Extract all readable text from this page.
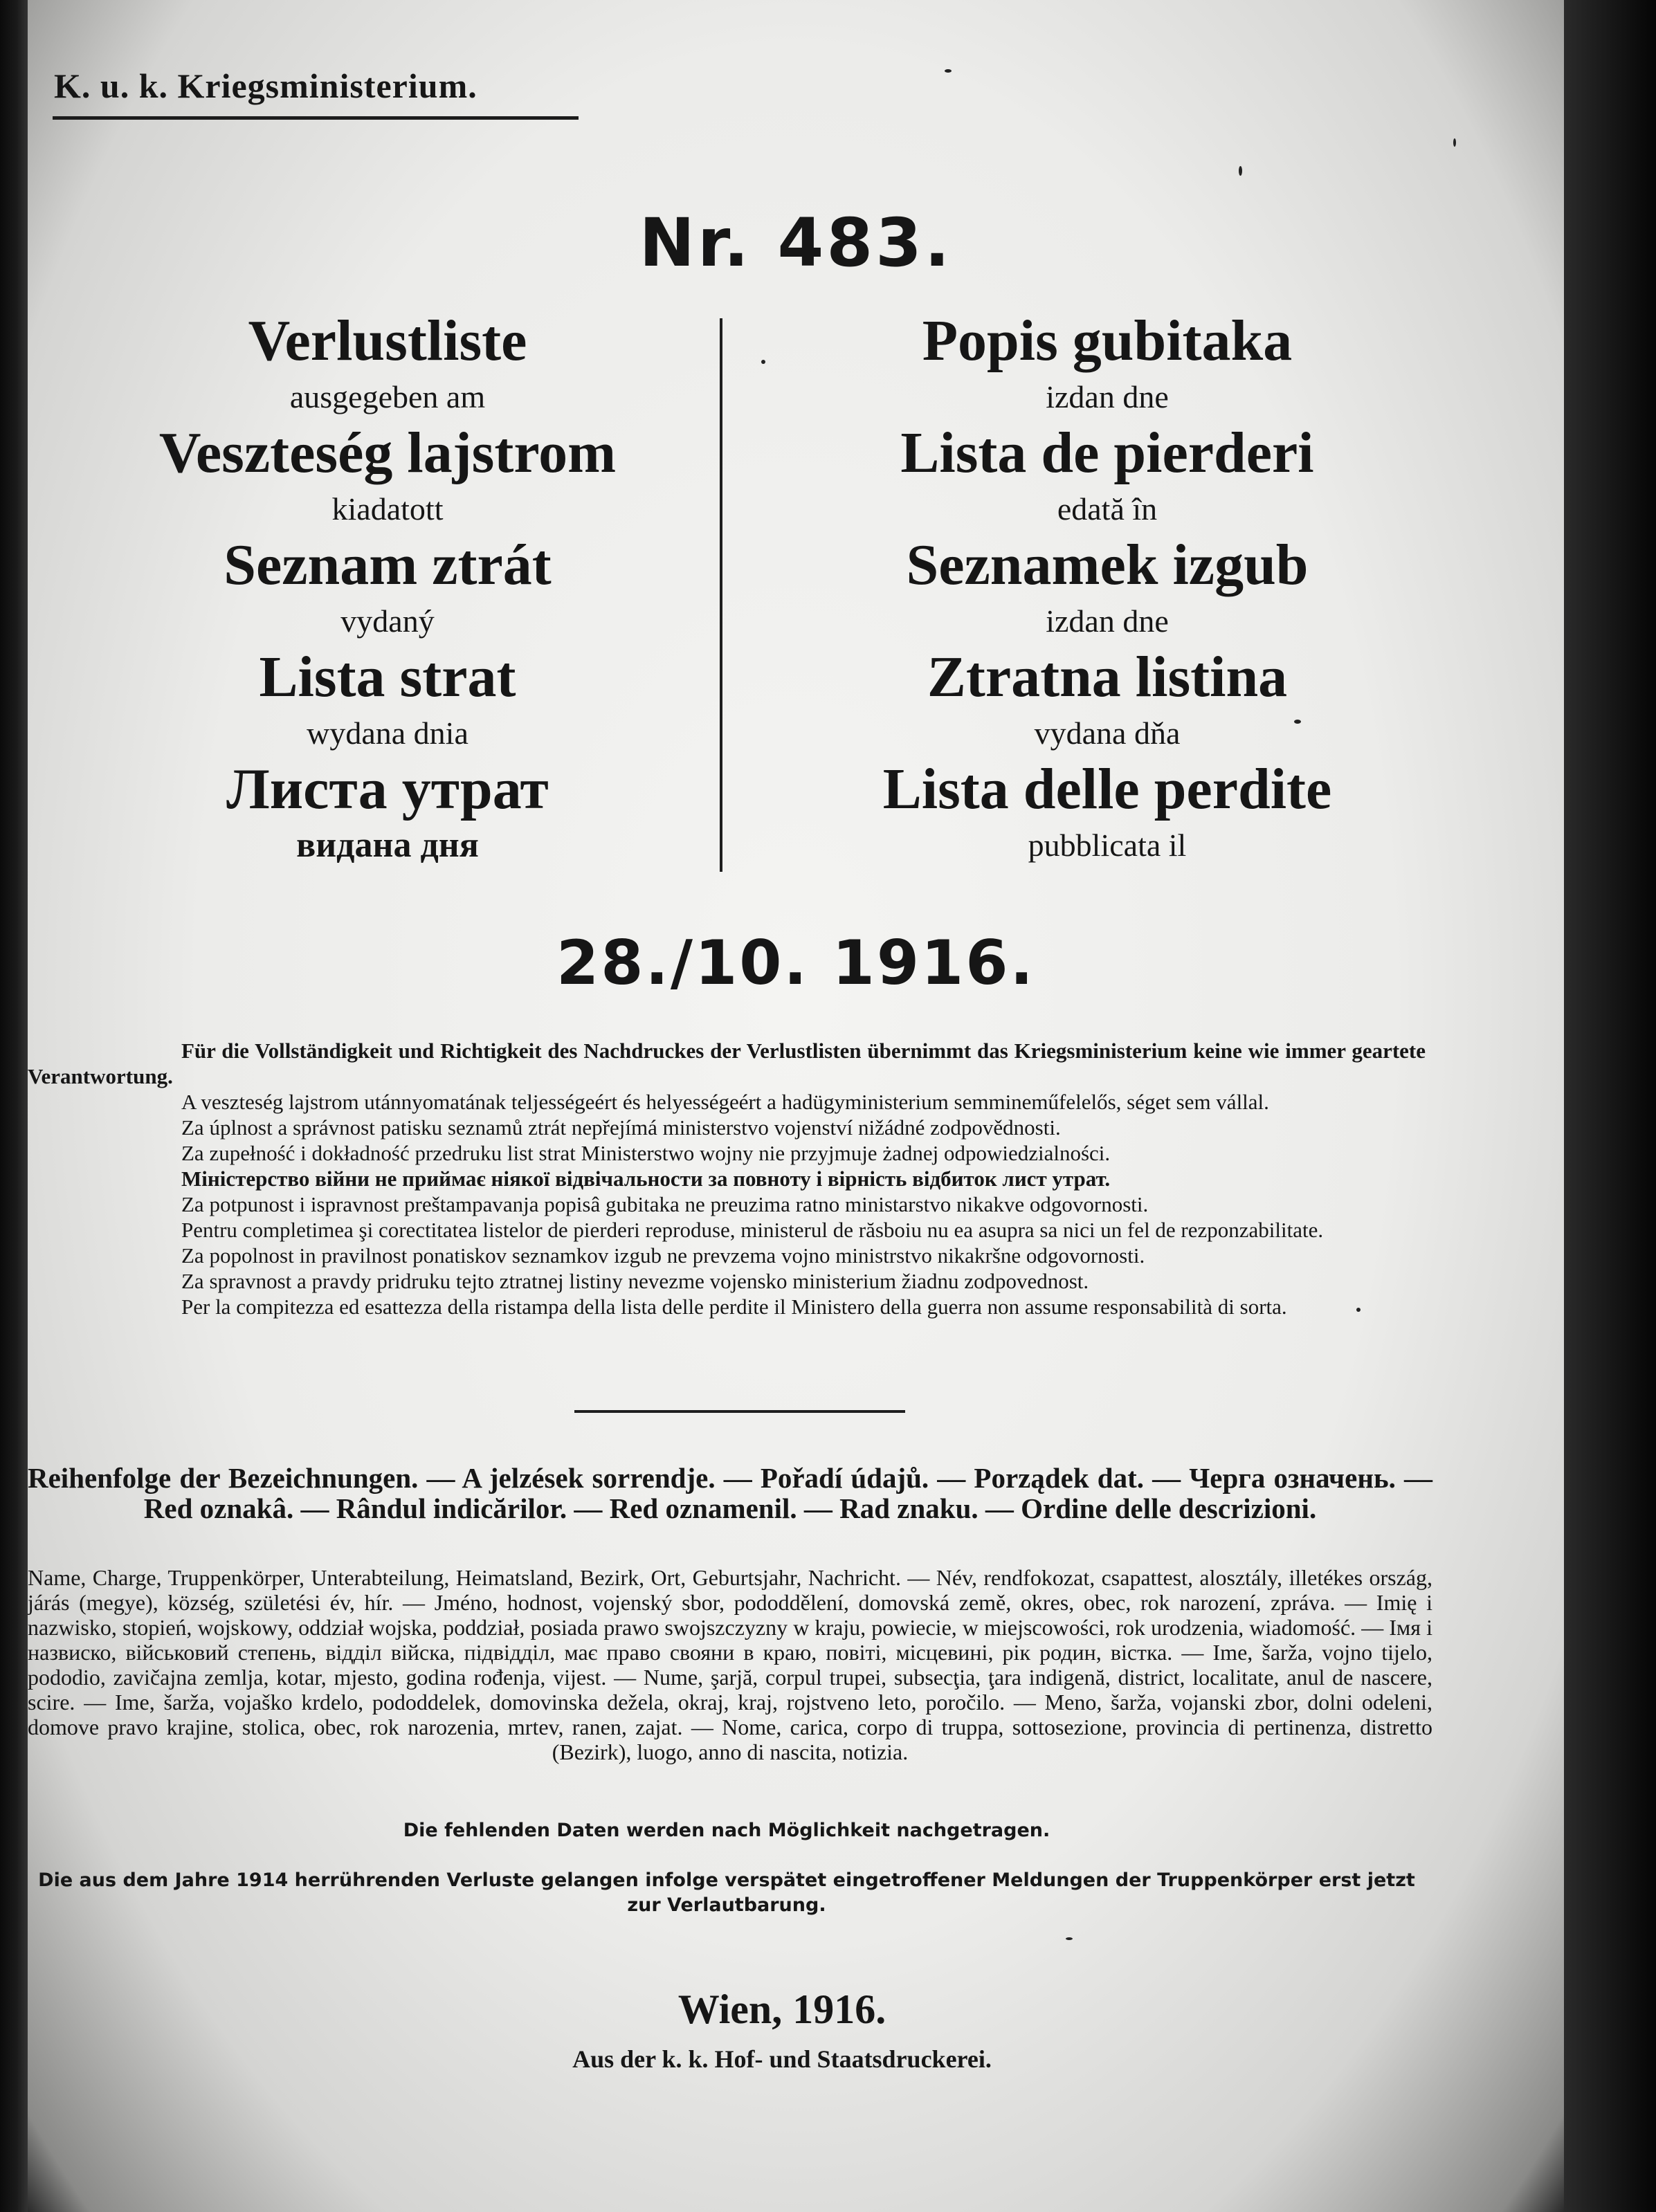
K. u. k. Kriegsministerium.
Nr. 483.
Verlustliste
ausgegeben am
Veszteség lajstrom
kiadatott
Seznam ztrát
vydaný
Lista strat
wydana dnia
Листа утрат
видана дня
Popis gubitaka
izdan dne
Lista de pierderi
edată în
Seznamek izgub
izdan dne
Ztratna listina
vydana dňa
Lista delle perdite
pubblicata il
28./10. 1916.

Für die Vollständigkeit und Richtigkeit des Nachdruckes der Verlustlisten übernimmt das Kriegsministerium keine wie immer geartete Verantwortung.

A veszteség lajstrom utánnyomatának teljességeért és helyességeért a hadügyministerium semmineműfelelős, séget sem vállal.

Za úplnost a správnost patisku seznamů ztrát nepřejímá ministerstvo vojenství nižádné zodpovědnosti.

Za zupełność i dokładność przedruku list strat Ministerstwo wojny nie przyjmuje żadnej odpowiedzialności.

Міністерство війни не приймає ніякої відвічальности за повноту і вірність відбиток лист утрат.

Za potpunost i ispravnost preštampavanja popisâ gubitaka ne preuzima ratno ministarstvo nikakve odgovornosti.

Pentru completimea şi corectitatea listelor de pierderi reproduse, ministerul de răsboiu nu ea asupra sa nici un fel de rezponzabilitate.

Za popolnost in pravilnost ponatiskov seznamkov izgub ne prevzema vojno ministrstvo nikakršne odgovornosti.

Za spravnost a pravdy pridruku tejto ztratnej listiny nevezme vojensko ministerium žiadnu zodpovednost.

Per la compitezza ed esattezza della ristampa della lista delle perdite il Ministero della guerra non assume responsabilità di sorta.

Reihenfolge der Bezeichnungen. — A jelzések sorrendje. — Pořadí údajů. — Porządek dat. — Черга означень. — Red oznakâ. — Rândul indicărilor. — Red oznamenil. — Rad znaku. — Ordine delle descrizioni.
Name, Charge, Truppenkörper, Unterabteilung, Heimatsland, Bezirk, Ort, Geburtsjahr, Nachricht. — Név, rendfokozat, csapattest, alosztály, illetékes ország, járás (megye), község, születési év, hír. — Jméno, hodnost, vojenský sbor, pododdělení, domovská země, okres, obec, rok narození, zpráva. — Imię i nazwisko, stopień, wojskowy, oddział wojska, poddział, posiada prawo swojszczyzny w kraju, powiecie, w miejscowości, rok urodzenia, wiadomość. — Імя і назвиско, військовий степень, відділ війска, підвідділ, має право свояни в краю, повіті, місцевині, рік родин, вістка. — Ime, šarža, vojno tijelo, pododio, zavičajna zemlja, kotar, mjesto, godina rođenja, vijest. — Nume, şarjă, corpul trupei, subsecţia, ţara indigenă, district, localitate, anul de nascere, scire. — Ime, šarža, vojaško krdelo, pododdelek, domovinska dežela, okraj, kraj, rojstveno leto, poročilo. — Meno, šarža, vojanski zbor, dolni odeleni, domove pravo krajine, stolica, obec, rok narozenia, mrtev, ranen, zajat. — Nome, carica, corpo di truppa, sottosezione, provincia di pertinenza, distretto (Bezirk), luogo, anno di nascita, notizia.
Die fehlenden Daten werden nach Möglichkeit nachgetragen.
Die aus dem Jahre 1914 herrührenden Verluste gelangen infolge verspätet eingetroffener Meldungen der Truppenkörper erst jetzt zur Verlautbarung.
Wien, 1916.
Aus der k. k. Hof- und Staatsdruckerei.
